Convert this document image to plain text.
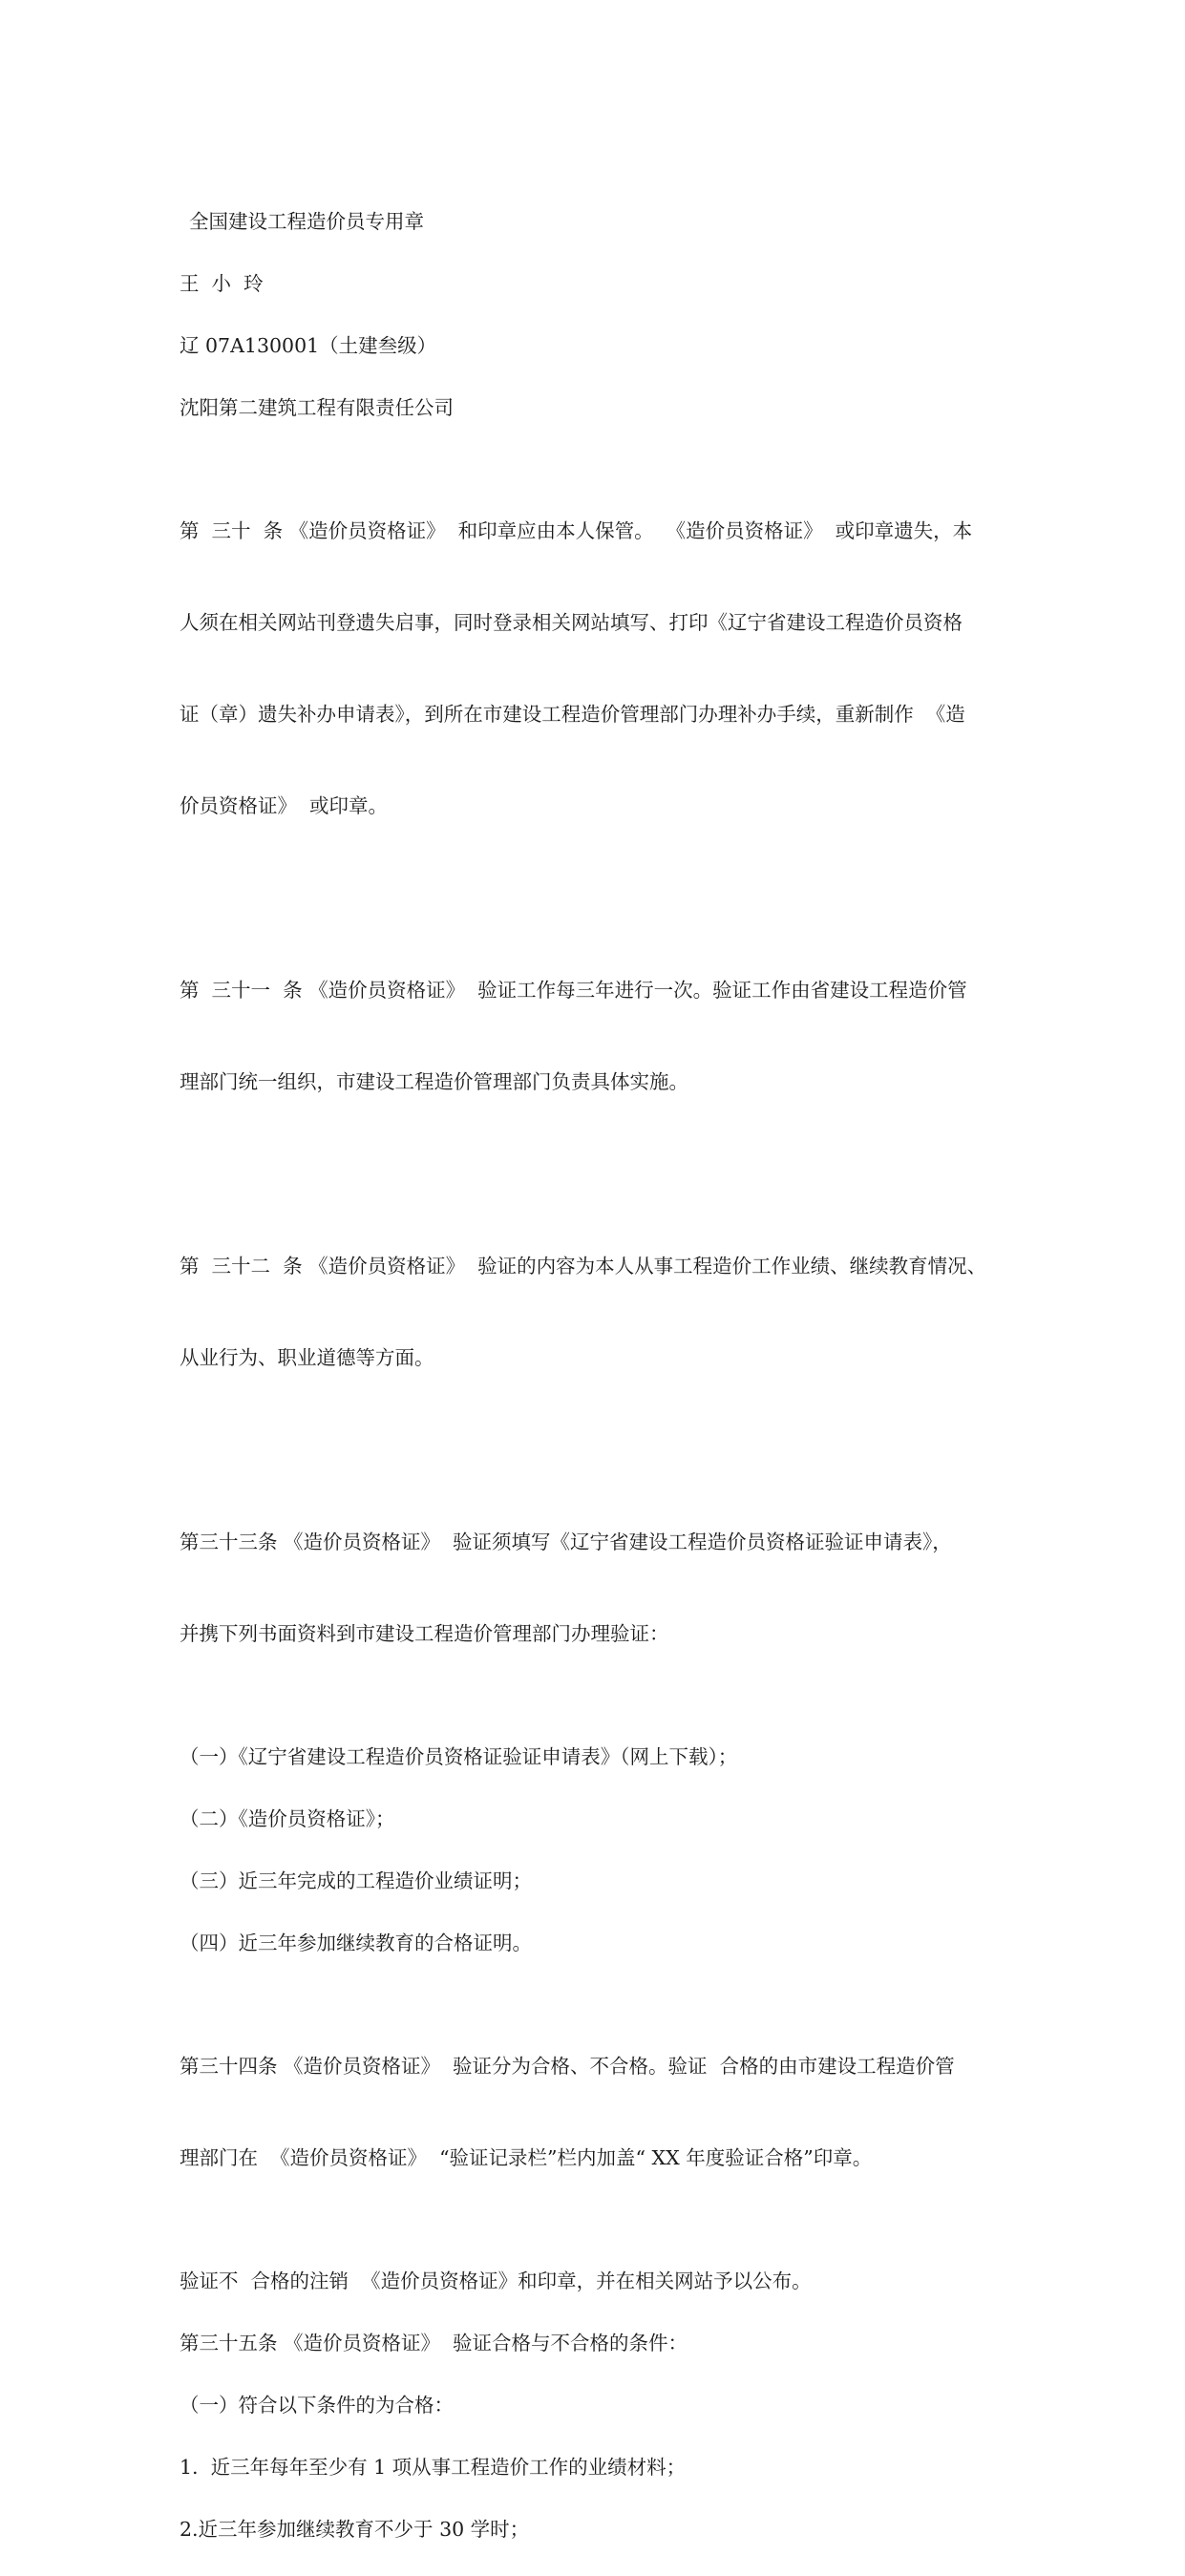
全国建设工程造价员专用章

王  小  玲

辽 07A130001（土建叁级）

沈阳第二建筑工程有限责任公司

第  三十  条 《造价员资格证》  和印章应由本人保管。  《造价员资格证》  或印章遗失，本

人须在相关网站刊登遗失启事，同时登录相关网站填写、打印《辽宁省建设工程造价员资格

证（章）遗失补办申请表》，到所在市建设工程造价管理部门办理补办手续，重新制作  《造

价员资格证》  或印章。

第  三十一  条 《造价员资格证》  验证工作每三年进行一次。验证工作由省建设工程造价管

理部门统一组织，市建设工程造价管理部门负责具体实施。

第  三十二  条 《造价员资格证》  验证的内容为本人从事工程造价工作业绩、继续教育情况、

从业行为、职业道德等方面。

第三十三条 《造价员资格证》  验证须填写《辽宁省建设工程造价员资格证验证申请表》，

并携下列书面资料到市建设工程造价管理部门办理验证：

（一）《辽宁省建设工程造价员资格证验证申请表》（网上下载）；

（二）《造价员资格证》；

（三）近三年完成的工程造价业绩证明；

（四）近三年参加继续教育的合格证明。

第三十四条 《造价员资格证》  验证分为合格、不合格。验证  合格的由市建设工程造价管

理部门在  《造价员资格证》  “验证记录栏”栏内加盖“ XX 年度验证合格”印章。

验证不  合格的注销  《造价员资格证》和印章，并在相关网站予以公布。

第三十五条 《造价员资格证》  验证合格与不合格的条件：

（一）符合以下条件的为合格：

1.  近三年每年至少有 1 项从事工程造价工作的业绩材料；

2.近三年参加继续教育不少于 30 学时；
